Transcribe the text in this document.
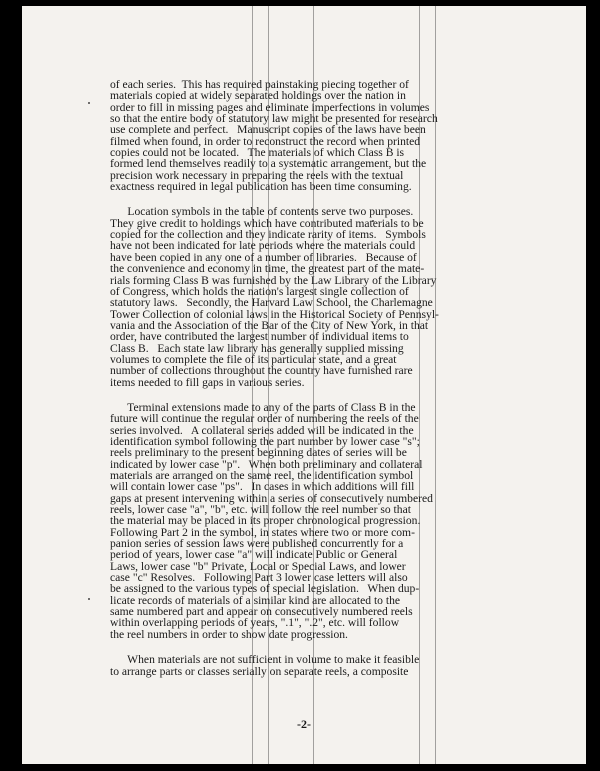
of each series.  This has required painstaking piecing together of
materials copied at widely separated holdings over the nation in
order to fill in missing pages and eliminate imperfections in volumes
so that the entire body of statutory law might be presented for research
use complete and perfect.   Manuscript copies of the laws have been
filmed when found, in order to reconstruct the record when printed
copies could not be located.   The materials of which Class B is
formed lend themselves readily to a systematic arrangement, but the
precision work necessary in preparing the reels with the textual
exactness required in legal publication has been time consuming.
Location symbols in the table of contents serve two purposes.
They give credit to holdings which have contributed materials to be
copied for the collection and they indicate rarity of items.   Symbols
have not been indicated for late periods where the materials could
have been copied in any one of a number of libraries.   Because of
the convenience and economy in time, the greatest part of the mate-
rials forming Class B was furnished by the Law Library of the Library
of Congress, which holds the nation's largest single collection of
statutory laws.   Secondly, the Harvard Law School, the Charlemagne
Tower Collection of colonial laws in the Historical Society of Pennsyl-
vania and the Association of the Bar of the City of New York, in that
order, have contributed the largest number of individual items to
Class B.   Each state law library has generally supplied missing
volumes to complete the file of its particular state, and a great
number of collections throughout the country have furnished rare
items needed to fill gaps in various series.
Terminal extensions made to any of the parts of Class B in the
future will continue the regular order of numbering the reels of the
series involved.   A collateral series added will be indicated in the
identification symbol following the part number by lower case "s";
reels preliminary to the present beginning dates of series will be
indicated by lower case "p".   When both preliminary and collateral
materials are arranged on the same reel, the identification symbol
will contain lower case "ps".   In cases in which additions will fill
gaps at present intervening within a series of consecutively numbered
reels, lower case "a", "b", etc. will follow the reel number so that
the material may be placed in its proper chronological progression.
Following Part 2 in the symbol, in states where two or more com-
panion series of session laws were published concurrently for a
period of years, lower case "a" will indicate Public or General
Laws, lower case "b" Private, Local or Special Laws, and lower
case "c" Resolves.   Following Part 3 lower case letters will also
be assigned to the various types of special legislation.   When dup-
licate records of materials of a similar kind are allocated to the
same numbered part and appear on consecutively numbered reels
within overlapping periods of years, ".1", ".2", etc. will follow
the reel numbers in order to show date progression.
When materials are not sufficient in volume to make it feasible
to arrange parts or classes serially on separate reels, a composite
-2-
